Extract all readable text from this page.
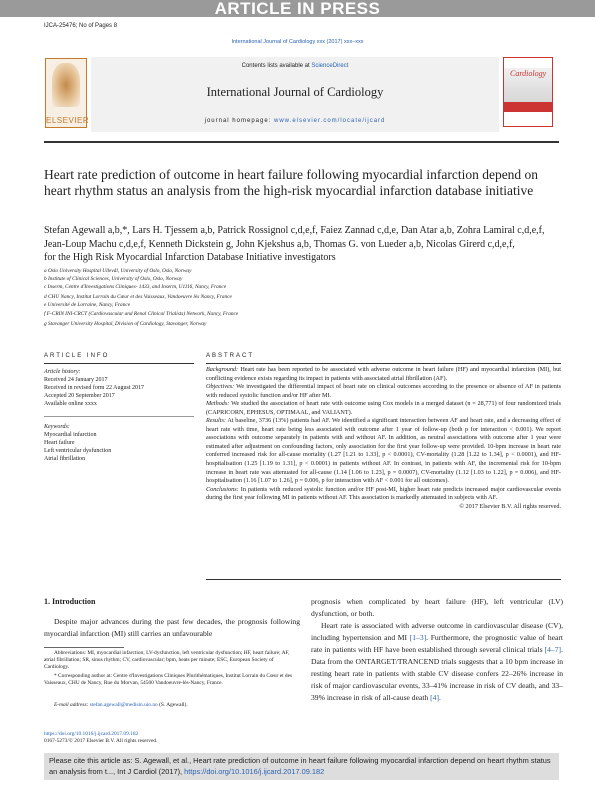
ARTICLE IN PRESS
IJCA-25476; No of Pages 8
International Journal of Cardiology xxx (2017) xxx–xxx
Contents lists available at ScienceDirect
International Journal of Cardiology
journal homepage: www.elsevier.com/locate/ijcard
ELSEVIER
Cardiology
Heart rate prediction of outcome in heart failure following myocardial infarction depend on heart rhythm status an analysis from the high-risk myocardial infarction database initiative
Stefan Agewall a,b,*, Lars H. Tjessem a,b, Patrick Rossignol c,d,e,f, Faiez Zannad c,d,e, Dan Atar a,b, Zohra Lamiral c,d,e,f,
Jean-Loup Machu c,d,e,f, Kenneth Dickstein g, John Kjekshus a,b, Thomas G. von Lueder a,b, Nicolas Girerd c,d,e,f,
for the High Risk Myocardial Infarction Database Initiative investigators
a Oslo University Hospital Ullevål, University of Oslo, Oslo, Norway
b Institute of Clinical Sciences, University of Oslo, Oslo, Norway
c Inserm, Centre d'Investigations Cliniques- 1433, and Inserm, U1116, Nancy, France
d CHU Nancy, Institut Lorrain du Cœur et des Vaisseaux, Vandoeuvre lès Nancy, France
e Université de Lorraine, Nancy, France
f F-CRIN INI-CRCT (Cardiovascular and Renal Clinical Trialists) Network, Nancy, France
g Stavanger University Hospital, Division of Cardiology, Stavanger, Norway
ARTICLE INFO	ABSTRACT
Article history:
Received 24 January 2017
Received in revised form 22 August 2017
Accepted 20 September 2017
Available online xxxx
Keywords:
Myocardial infarction
Heart failure
Left ventricular dysfunction
Atrial fibrillation
Background: Heart rate has been reported to be associated with adverse outcome in heart failure (HF) and myocardial infarction (MI), but conflicting evidence exists regarding its impact in patients with associated atrial fibrillation (AF).
Objectives: We investigated the differential impact of heart rate on clinical outcomes according to the presence or absence of AF in patients with reduced systolic function and/or HF after MI.
Methods: We studied the association of heart rate with outcome using Cox models in a merged dataset (n = 28,771) of four randomized trials (CAPRICORN, EPHESUS, OPTIMAAL, and VALIANT).
Results: At baseline, 3736 (13%) patients had AF. We identified a significant interaction between AF and heart rate, and a decreasing effect of heart rate with time, heart rate being less associated with outcome after 1 year of follow-up (both p for interaction < 0.001). We report associations with outcome separately in patients with and without AF. In addition, as neutral associations with outcome after 1 year were estimated after adjustment on confounding factors, only association for the first year follow-up were provided. 10-bpm increase in heart rate conferred increased risk for all-cause mortality (1.27 [1.21 to 1.33], p < 0.0001), CV-mortality (1.28 [1.22 to 1.34], p < 0.0001), and HF-hospitalisation (1.25 [1.19 to 1.31], p < 0.0001) in patients without AF. In contrast, in patients with AF, the incremental risk for 10-bpm increase in heart rate was attenuated for all-cause (1.14 [1.06 to 1.23], p = 0.0007), CV-mortality (1.12 [1.03 to 1.22], p = 0.006), and HF-hospitalisation (1.16 [1.07 to 1.26], p = 0.006, p for interaction with AF < 0.001 for all outcomes).
Conclusions: In patients with reduced systolic function and/or HF post-MI, higher heart rate predicts increased major cardiovascular events during the first year following MI in patients without AF. This association is markedly attenuated in subjects with AF.
© 2017 Elsevier B.V. All rights reserved.
1. Introduction
Despite major advances during the past few decades, the prognosis following myocardial infarction (MI) still carries an unfavourable
prognosis when complicated by heart failure (HF), left ventricular (LV) dysfunction, or both.
Heart rate is associated with adverse outcome in cardiovascular disease (CV), including hypertension and MI [1–3]. Furthermore, the prognostic value of heart rate in patients with HF have been established through several clinical trials [4–7]. Data from the ONTARGET/TRANCEND trials suggests that a 10 bpm increase in resting heart rate in patients with stable CV disease confers 22–26% increase in risk of major cardiovascular events, 33–41% increase in risk of CV death, and 33–39% increase in risk of all-cause death [4].
Abbreviations: MI, myocardial infarction; LV-dysfunction, left ventricular dysfunction; HF, heart failure; AF, atrial fibrillation; SR, sinus rhythm; CV, cardiovascular; bpm, heats per minute; ESC, European Society of Cardiology.
* Corresponding author at: Centre d'Investigations Cliniques Plurithématiques, Institut Lorrain du Cœur et des Vaisseaux, CHU de Nancy, Rue du Morvan, 54500 Vandoeuvre-lès-Nancy, France.
E-mail address: stefan.agewall@medisin.uio.no (S. Agewall).
https://doi.org/10.1016/j.ijcard.2017.09.182
0167-5273/© 2017 Elsevier B.V. All rights reserved.
Please cite this article as: S. Agewall, et al., Heart rate prediction of outcome in heart failure following myocardial infarction depend on heart rhythm status an analysis from t..., Int J Cardiol (2017), https://doi.org/10.1016/j.ijcard.2017.09.182
